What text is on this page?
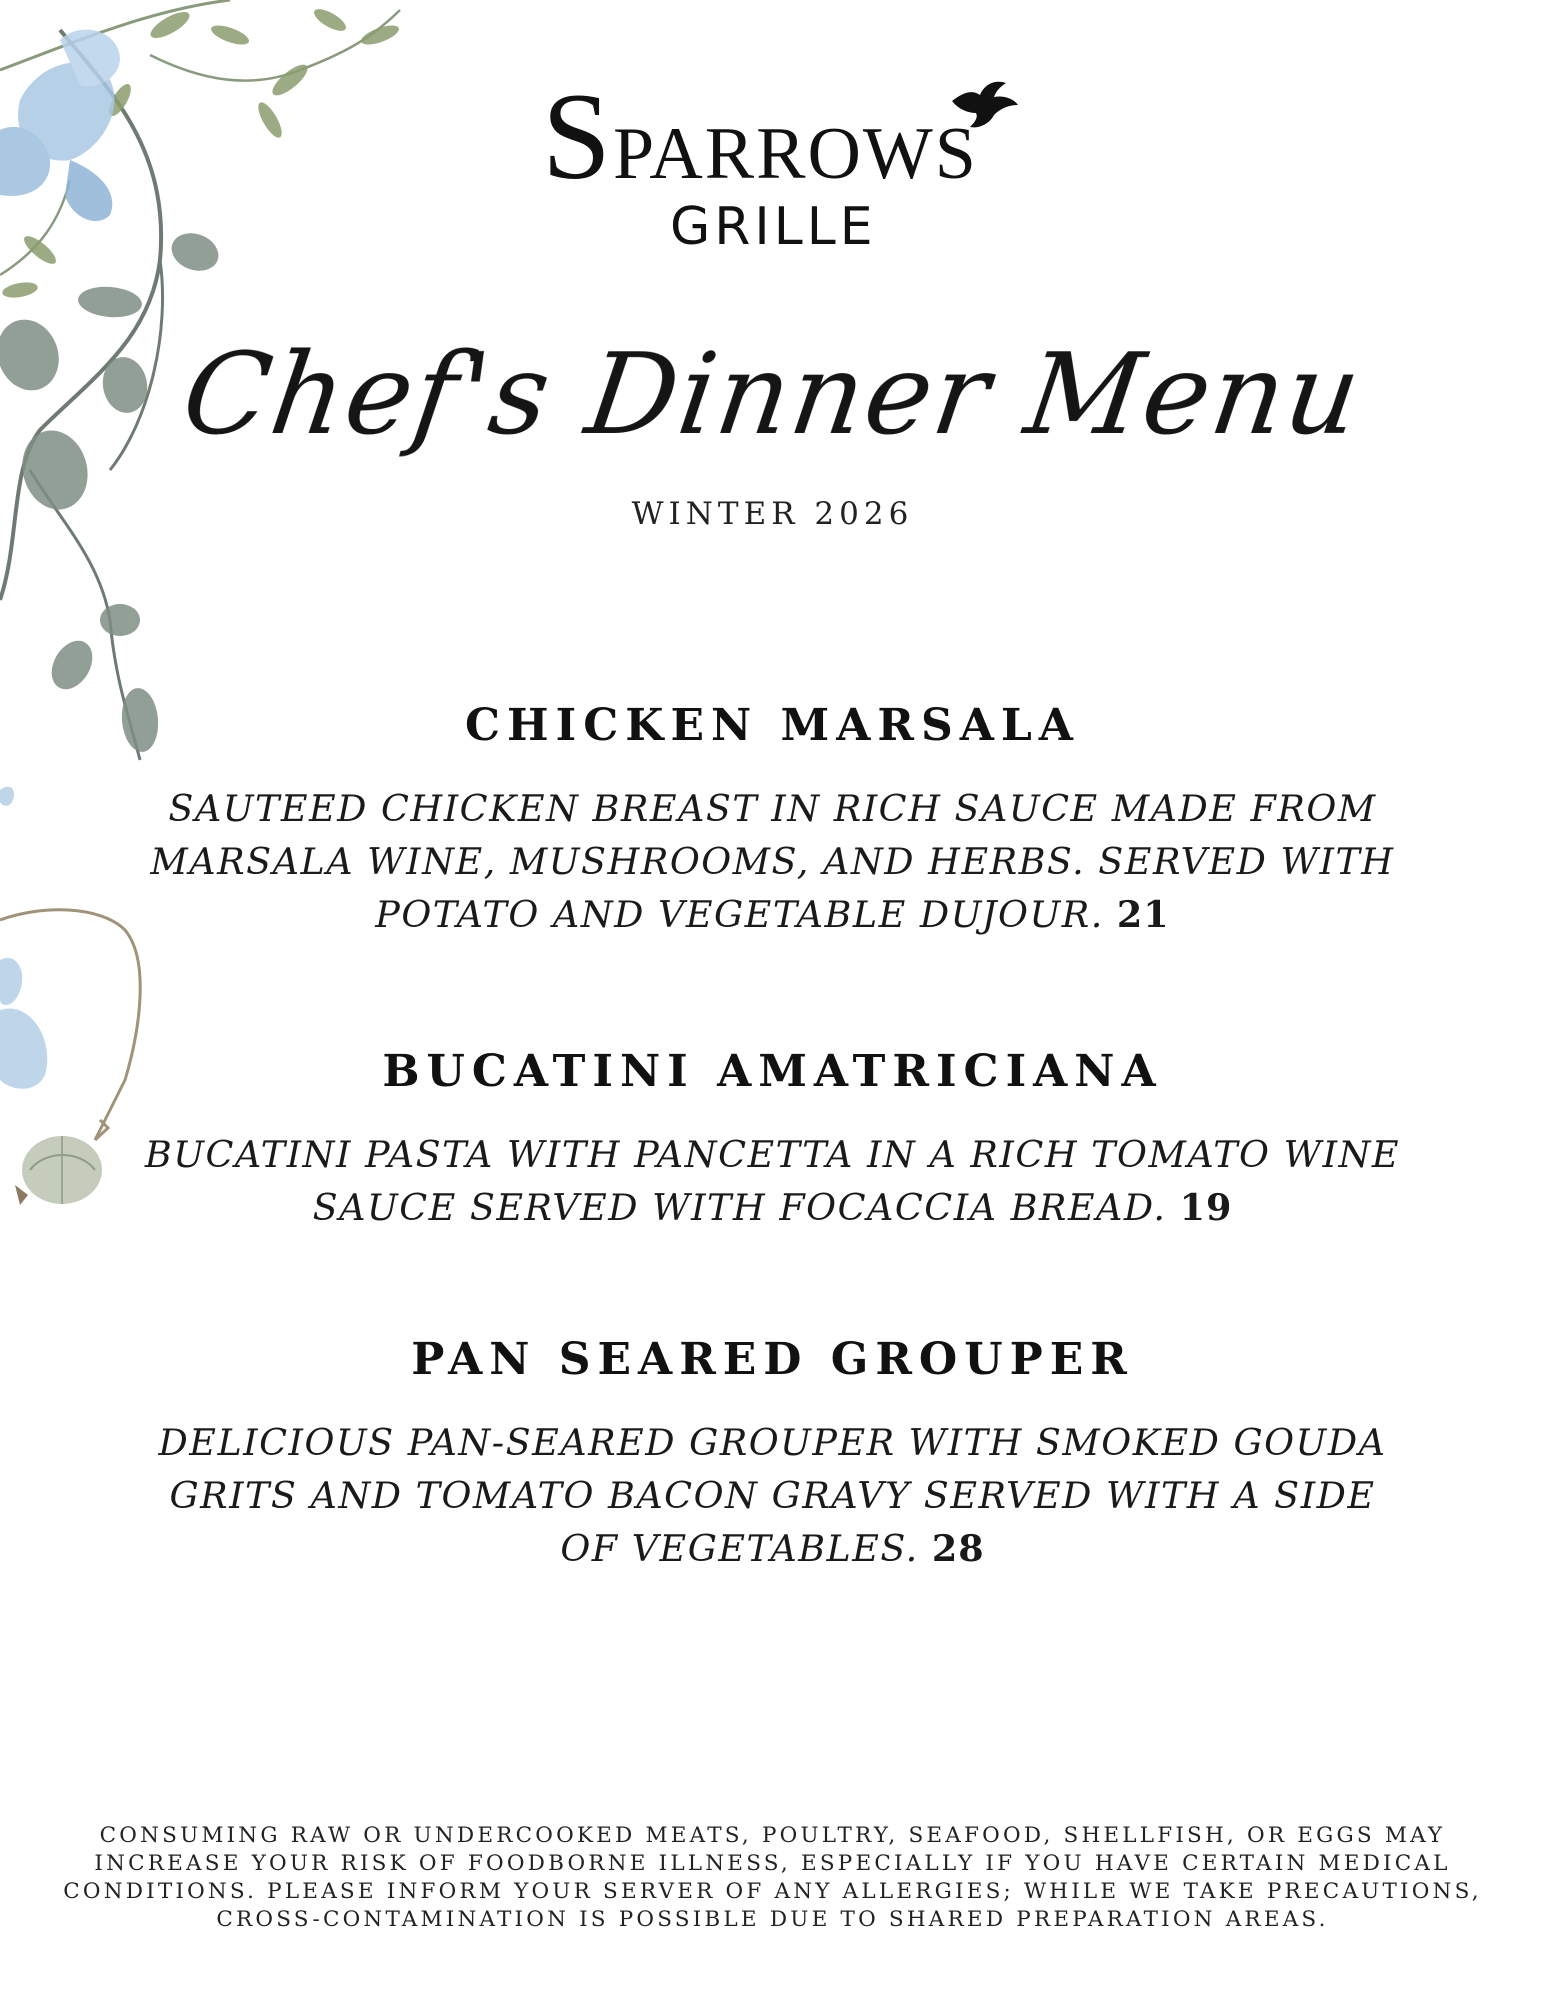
SPARROWS
GRILLE
Chef's Dinner Menu
WINTER 2026
CHICKEN MARSALA
SAUTEED CHICKEN BREAST IN RICH SAUCE MADE FROM MARSALA WINE, MUSHROOMS, AND HERBS. SERVED WITH POTATO AND VEGETABLE DUJOUR. 21
BUCATINI AMATRICIANA
BUCATINI PASTA WITH PANCETTA IN A RICH TOMATO WINE SAUCE SERVED WITH FOCACCIA BREAD. 19
PAN SEARED GROUPER
DELICIOUS PAN-SEARED GROUPER WITH SMOKED GOUDA GRITS AND TOMATO BACON GRAVY SERVED WITH A SIDE OF VEGETABLES. 28
CONSUMING RAW OR UNDERCOOKED MEATS, POULTRY, SEAFOOD, SHELLFISH, OR EGGS MAY INCREASE YOUR RISK OF FOODBORNE ILLNESS, ESPECIALLY IF YOU HAVE CERTAIN MEDICAL CONDITIONS. PLEASE INFORM YOUR SERVER OF ANY ALLERGIES; WHILE WE TAKE PRECAUTIONS, CROSS-CONTAMINATION IS POSSIBLE DUE TO SHARED PREPARATION AREAS.
